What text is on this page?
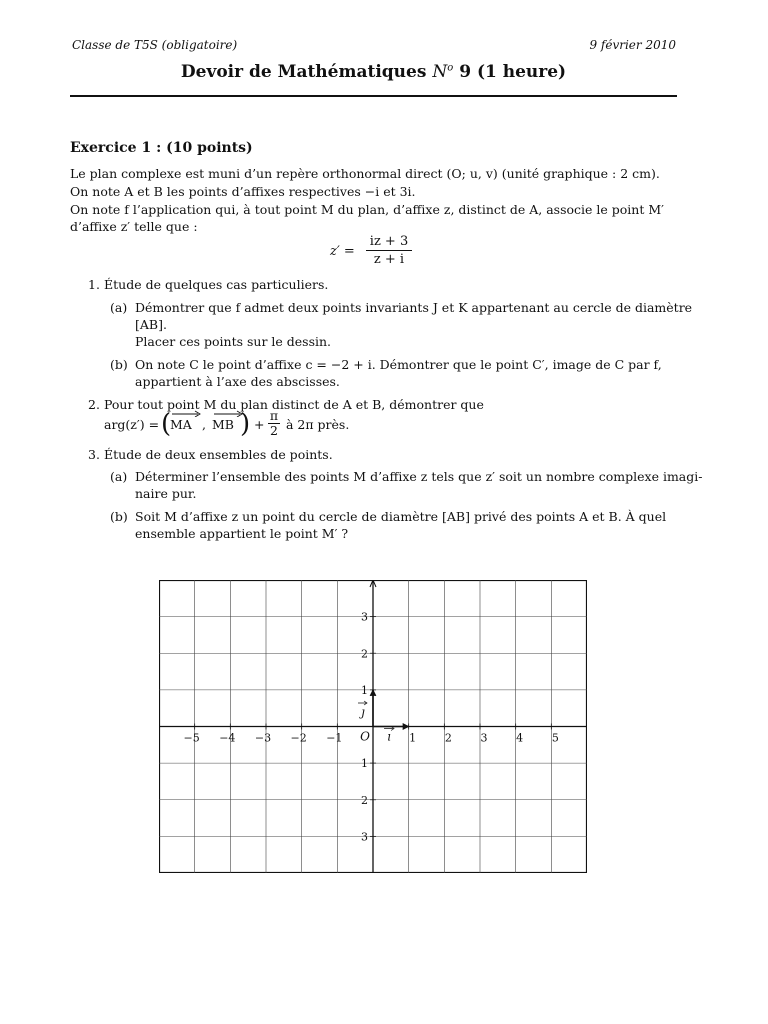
Classe de T5S (obligatoire)	9 février 2010
Devoir de Mathématiques $N^o$ 9 (1 heure)
Exercice 1 : (10 points)
Le plan complexe est muni d’un repère orthonormal direct (O; u, v) (unité graphique : 2 cm).
On note A et B les points d’affixes respectives −i et 3i.
On note f l’application qui, à tout point M du plan, d’affixe z, distinct de A, associe le point M′
d’affixe z′ telle que :
$z' = \frac{iz + 3}{z + i}$
1. Étude de quelques cas particuliers.
(a) Démontrer que f admet deux points invariants J et K appartenant au cercle de diamètre
[AB].
Placer ces points sur le dessin.
(b) On note C le point d’affixe c = −2 + i. Démontrer que le point C′, image de C par f,
appartient à l’axe des abscisses.
2. Pour tout point M du plan distinct de A et B, démontrer que
arg(z′) = (
MA , MB ) +
π
2 à 2π près.
3. Étude de deux ensembles de points.
(a) Déterminer l’ensemble des points M d’affixe z tels que z′ soit un nombre complexe imagi-
naire pur.
(b) Soit M d’affixe z un point du cercle de diamètre [AB] privé des points A et B. À quel
ensemble appartient le point M′ ?
−5 −4 −3 −2 −1	1	2	3	4	5
3
2
1
1
2
3
O ı
ȷ
